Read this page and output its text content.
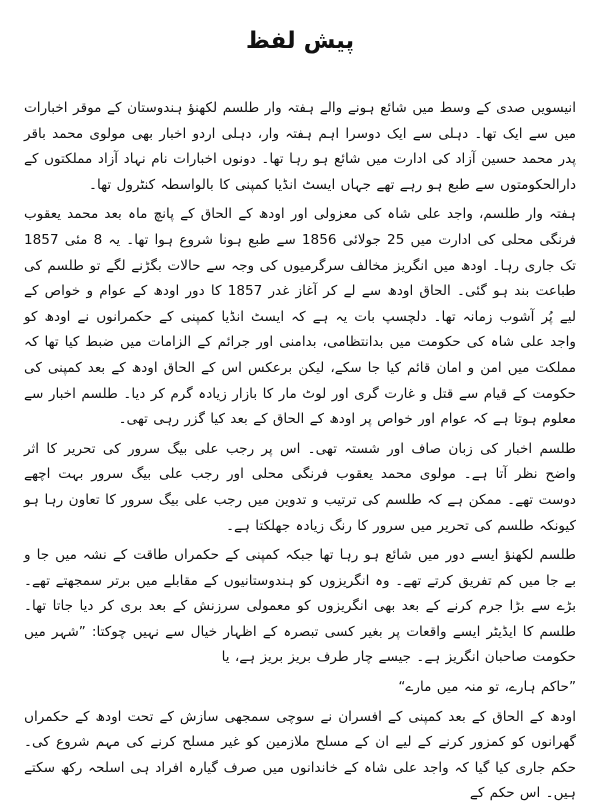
پیش لفظ

انیسویں صدی کے وسط میں شائع ہونے والے ہفتہ وار طلسم لکھنؤ ہندوستان کے موقر اخبارات میں سے ایک تھا۔ دہلی سے ایک دوسرا اہم ہفتہ وار، دہلی اردو اخبار بھی مولوی محمد باقر پدر محمد حسین آزاد کی ادارت میں شائع ہو رہا تھا۔ دونوں اخبارات نام نہاد آزاد مملکتوں کے دارالحکومتوں سے طبع ہو رہے تھے جہاں ایسٹ انڈیا کمپنی کا بالواسطہ کنٹرول تھا۔

ہفتہ وار طلسم، واجد علی شاہ کی معزولی اور اودھ کے الحاق کے پانچ ماہ بعد محمد یعقوب فرنگی محلی کی ادارت میں 25 جولائی 1856 سے طبع ہونا شروع ہوا تھا۔ یہ 8 مئی 1857 تک جاری رہا۔ اودھ میں انگریز مخالف سرگرمیوں کی وجہ سے حالات بگڑنے لگے تو طلسم کی طباعت بند ہو گئی۔ الحاق اودھ سے لے کر آغاز غدر 1857 کا دور اودھ کے عوام و خواص کے لیے پُر آشوب زمانہ تھا۔ دلچسپ بات یہ ہے کہ ایسٹ انڈیا کمپنی کے حکمرانوں نے اودھ کو واجد علی شاہ کی حکومت میں بدانتظامی، بدامنی اور جرائم کے الزامات میں ضبط کیا تھا کہ مملکت میں امن و امان قائم کیا جا سکے، لیکن برعکس اس کے الحاق اودھ کے بعد کمپنی کی حکومت کے قیام سے قتل و غارت گری اور لوٹ مار کا بازار زیادہ گرم کر دیا۔ طلسم اخبار سے معلوم ہوتا ہے کہ عوام اور خواص پر اودھ کے الحاق کے بعد کیا گزر رہی تھی۔

طلسم اخبار کی زبان صاف اور شستہ تھی۔ اس پر رجب علی بیگ سرور کی تحریر کا اثر واضح نظر آتا ہے۔ مولوی محمد یعقوب فرنگی محلی اور رجب علی بیگ سرور بہت اچھے دوست تھے۔ ممکن ہے کہ طلسم کی ترتیب و تدوین میں رجب علی بیگ سرور کا تعاون رہا ہو کیونکہ طلسم کی تحریر میں سرور کا رنگ زیادہ جھلکتا ہے۔

طلسم لکھنؤ ایسے دور میں شائع ہو رہا تھا جبکہ کمپنی کے حکمراں طاقت کے نشہ میں جا و بے جا میں کم تفریق کرتے تھے۔ وہ انگریزوں کو ہندوستانیوں کے مقابلے میں برتر سمجھتے تھے۔ بڑے سے بڑا جرم کرنے کے بعد بھی انگریزوں کو معمولی سرزنش کے بعد بری کر دیا جاتا تھا۔ طلسم کا ایڈیٹر ایسے واقعات پر بغیر کسی تبصرہ کے اظہار خیال سے نہیں چوکتا: ”شہر میں حکومت صاحبان انگریز ہے۔ جیسے چار طرف بریز بریز ہے، یا

”حاکم ہارے، تو منہ میں مارے“

اودھ کے الحاق کے بعد کمپنی کے افسران نے سوچی سمجھی سازش کے تحت اودھ کے حکمراں گھرانوں کو کمزور کرنے کے لیے ان کے مسلح ملازمین کو غیر مسلح کرنے کی مہم شروع کی۔ حکم جاری کیا گیا کہ واجد علی شاہ کے خاندانوں میں صرف گیارہ افراد ہی اسلحہ رکھ سکتے ہیں۔ اس حکم کے
